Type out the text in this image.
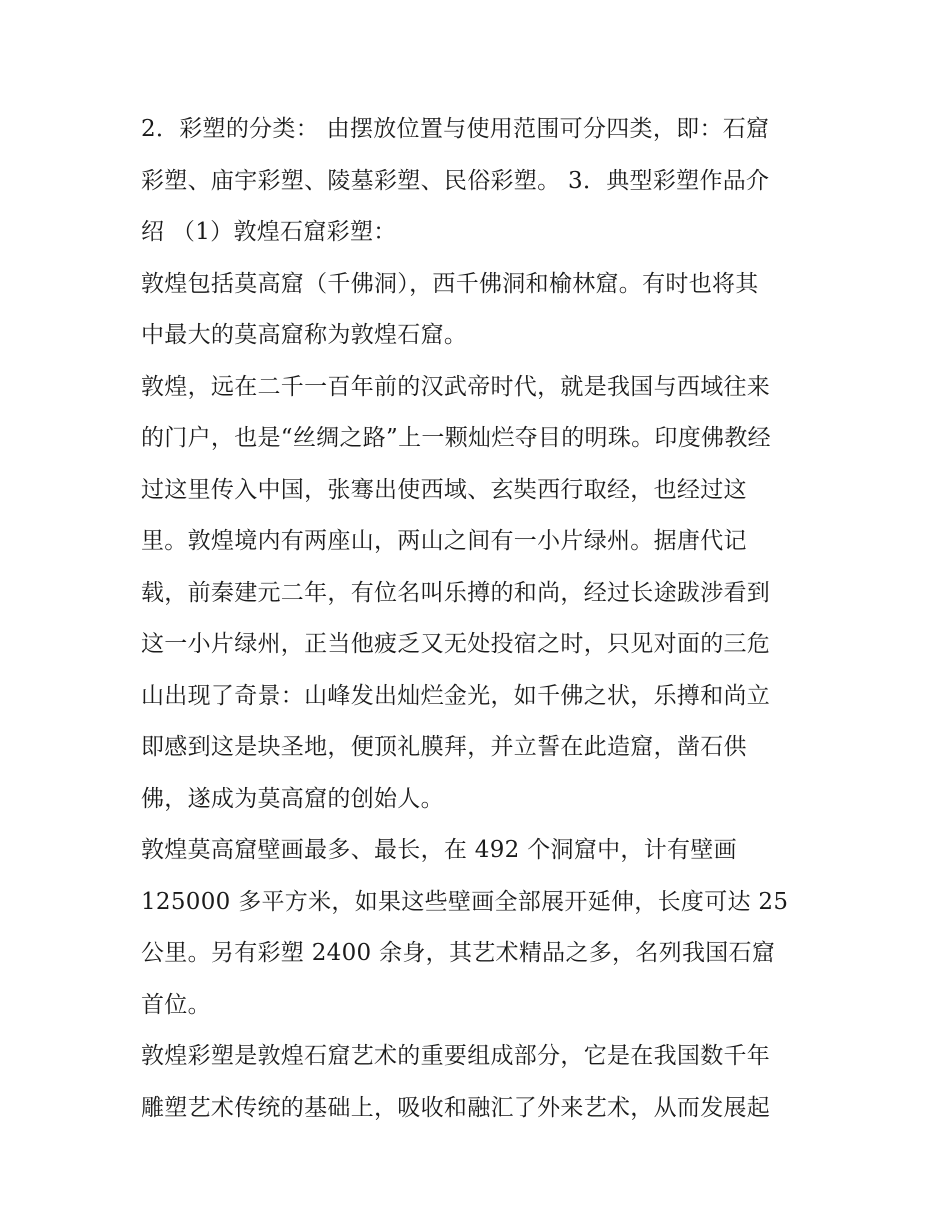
2．彩塑的分类： 由摆放位置与使用范围可分四类，即：石窟
彩塑、庙宇彩塑、陵墓彩塑、民俗彩塑。 3．典型彩塑作品介
绍 （1）敦煌石窟彩塑：
敦煌包括莫高窟（千佛洞），西千佛洞和榆林窟。有时也将其
中最大的莫高窟称为敦煌石窟。
敦煌，远在二千一百年前的汉武帝时代，就是我国与西域往来
的门户，也是“丝绸之路”上一颗灿烂夺目的明珠。印度佛教经
过这里传入中国，张骞出使西域、玄奘西行取经，也经过这
里。敦煌境内有两座山，两山之间有一小片绿州。据唐代记
载，前秦建元二年，有位名叫乐撙的和尚，经过长途跋涉看到
这一小片绿州，正当他疲乏又无处投宿之时，只见对面的三危
山出现了奇景：山峰发出灿烂金光，如千佛之状，乐撙和尚立
即感到这是块圣地，便顶礼膜拜，并立誓在此造窟，凿石供
佛，遂成为莫高窟的创始人。
敦煌莫高窟壁画最多、最长，在 492 个洞窟中，计有壁画
125000 多平方米，如果这些壁画全部展开延伸，长度可达 25
公里。另有彩塑 2400 余身，其艺术精品之多，名列我国石窟
首位。
敦煌彩塑是敦煌石窟艺术的重要组成部分，它是在我国数千年
雕塑艺术传统的基础上，吸收和融汇了外来艺术，从而发展起
